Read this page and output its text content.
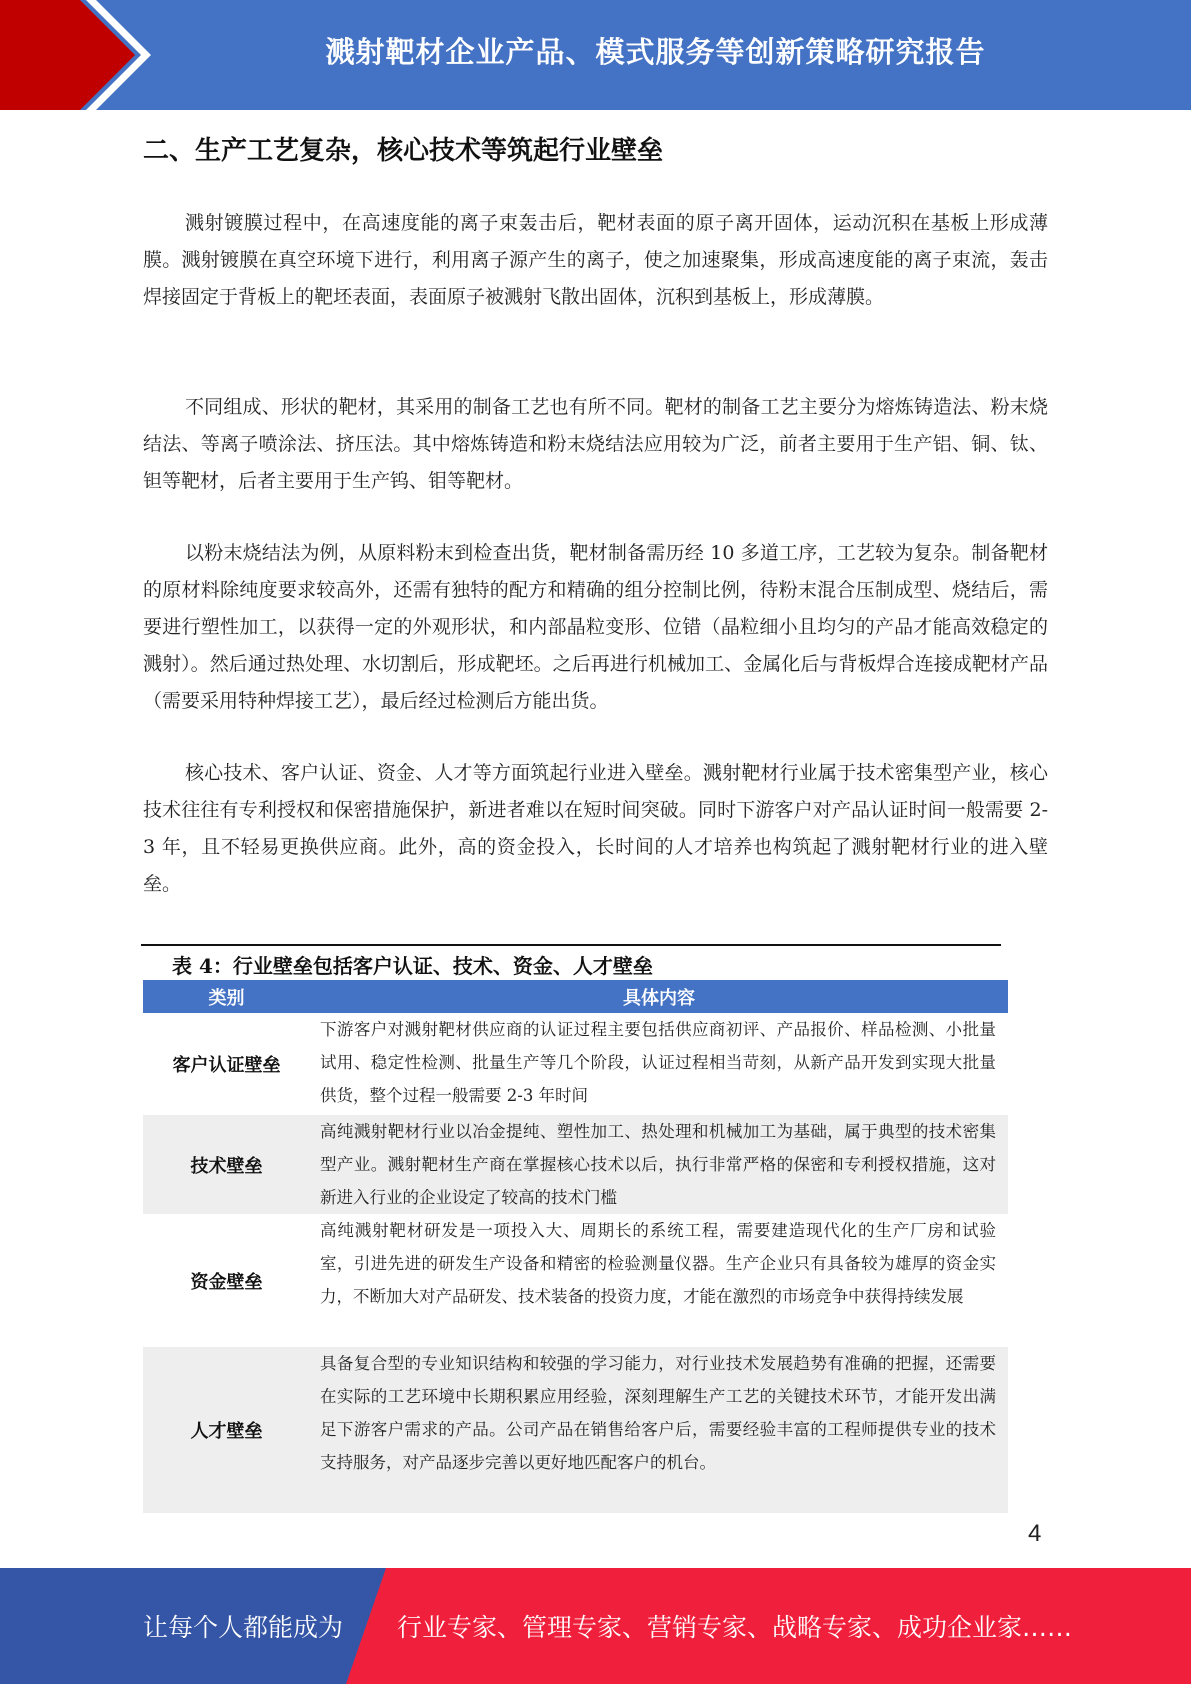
溅射靶材企业产品、模式服务等创新策略研究报告
二、生产工艺复杂，核心技术等筑起行业壁垒

溅射镀膜过程中，在高速度能的离子束轰击后，靶材表面的原子离开固体，运动沉积在基板上形成薄膜。溅射镀膜在真空环境下进行，利用离子源产生的离子，使之加速聚集，形成高速度能的离子束流，轰击焊接固定于背板上的靶坯表面，表面原子被溅射飞散出固体，沉积到基板上，形成薄膜。

不同组成、形状的靶材，其采用的制备工艺也有所不同。靶材的制备工艺主要分为熔炼铸造法、粉末烧结法、等离子喷涂法、挤压法。其中熔炼铸造和粉末烧结法应用较为广泛，前者主要用于生产铝、铜、钛、钽等靶材，后者主要用于生产钨、钼等靶材。

以粉末烧结法为例，从原料粉末到检查出货，靶材制备需历经 10 多道工序，工艺较为复杂。制备靶材的原材料除纯度要求较高外，还需有独特的配方和精确的组分控制比例，待粉末混合压制成型、烧结后，需要进行塑性加工，以获得一定的外观形状，和内部晶粒变形、位错（晶粒细小且均匀的产品才能高效稳定的溅射）。然后通过热处理、水切割后，形成靶坯。之后再进行机械加工、金属化后与背板焊合连接成靶材产品（需要采用特种焊接工艺），最后经过检测后方能出货。

核心技术、客户认证、资金、人才等方面筑起行业进入壁垒。溅射靶材行业属于技术密集型产业，核心技术往往有专利授权和保密措施保护，新进者难以在短时间突破。同时下游客户对产品认证时间一般需要 2-3 年，且不轻易更换供应商。此外，高的资金投入，长时间的人才培养也构筑起了溅射靶材行业的进入壁垒。

表 4：行业壁垒包括客户认证、技术、资金、人才壁垒
类别	具体内容
客户认证壁垒
下游客户对溅射靶材供应商的认证过程主要包括供应商初评、产品报价、样品检测、小批量试用、稳定性检测、批量生产等几个阶段，认证过程相当苛刻，从新产品开发到实现大批量供货，整个过程一般需要 2-3 年时间
技术壁垒
高纯溅射靶材行业以冶金提纯、塑性加工、热处理和机械加工为基础，属于典型的技术密集型产业。溅射靶材生产商在掌握核心技术以后，执行非常严格的保密和专利授权措施，这对新进入行业的企业设定了较高的技术门槛
资金壁垒
高纯溅射靶材研发是一项投入大、周期长的系统工程，需要建造现代化的生产厂房和试验室，引进先进的研发生产设备和精密的检验测量仪器。生产企业只有具备较为雄厚的资金实力，不断加大对产品研发、技术装备的投资力度，才能在激烈的市场竞争中获得持续发展
人才壁垒
具备复合型的专业知识结构和较强的学习能力，对行业技术发展趋势有准确的把握，还需要在实际的工艺环境中长期积累应用经验，深刻理解生产工艺的关键技术环节，才能开发出满足下游客户需求的产品。公司产品在销售给客户后，需要经验丰富的工程师提供专业的技术支持服务，对产品逐步完善以更好地匹配客户的机台。
4
让每个人都能成为 行业专家、管理专家、营销专家、战略专家、成功企业家……
